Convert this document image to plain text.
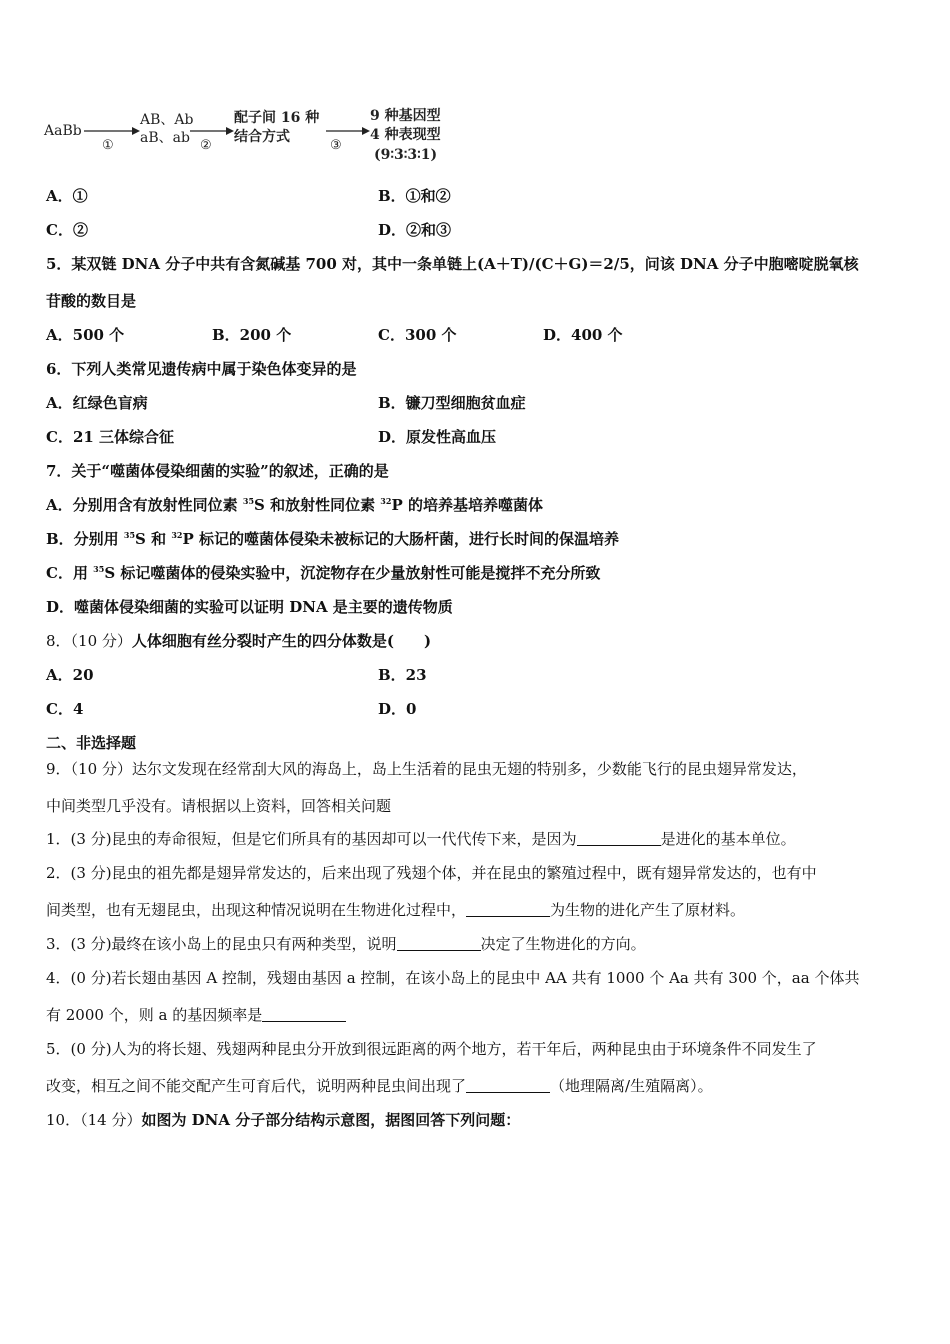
AaBb
①
AB、Ab
aB、ab ②
配子间 16 种
结合方式
③
9 种基因型
4 种表现型
(9∶3∶3∶1)
A．①	B．①和②
C．②	D．②和③
5．某双链 DNA 分子中共有含氮碱基 700 对，其中一条单链上(A＋T)/(C＋G)＝2/5，问该 DNA 分子中胞嘧啶脱氧核
苷酸的数目是
A．500 个	B．200 个	C．300 个	D．400 个
6．下列人类常见遗传病中属于染色体变异的是
A．红绿色盲病	B．镰刀型细胞贫血症
C．21 三体综合征	D．原发性高血压
7．关于“噬菌体侵染细菌的实验”的叙述，正确的是
A．分别用含有放射性同位素 $^{35}$S 和放射性同位素 $^{32}$P 的培养基培养噬菌体
B．分别用 $^{35}$S 和 $^{32}$P 标记的噬菌体侵染未被标记的大肠杆菌，进行长时间的保温培养
C．用 $^{35}$S 标记噬菌体的侵染实验中，沉淀物存在少量放射性可能是搅拌不充分所致
D．噬菌体侵染细菌的实验可以证明 DNA 是主要的遗传物质
8．（10 分）人体细胞有丝分裂时产生的四分体数是(　　)
A．20	B．23
C．4	D．0
二、非选择题
9．（10 分）达尔文发现在经常刮大风的海岛上，岛上生活着的昆虫无翅的特别多，少数能飞行的昆虫翅异常发达，
中间类型几乎没有。请根据以上资料，回答相关问题
1．(3 分)昆虫的寿命很短，但是它们所具有的基因却可以一代代传下来，是因为	是进化的基本单位。
2．(3 分)昆虫的祖先都是翅异常发达的，后来出现了残翅个体，并在昆虫的繁殖过程中，既有翅异常发达的，也有中
间类型，也有无翅昆虫，出现这种情况说明在生物进化过程中，	为生物的进化产生了原材料。
3．(3 分)最终在该小岛上的昆虫只有两种类型，说明	决定了生物进化的方向。
4．(0 分)若长翅由基因 A 控制，残翅由基因 a 控制，在该小岛上的昆虫中 AA 共有 1000 个 Aa 共有 300 个，aa 个体共
有 2000 个，则 a 的基因频率是
5．(0 分)人为的将长翅、残翅两种昆虫分开放到很远距离的两个地方，若干年后，两种昆虫由于环境条件不同发生了
改变，相互之间不能交配产生可育后代，说明两种昆虫间出现了	（地理隔离/生殖隔离）。
10．（14 分）如图为 DNA 分子部分结构示意图，据图回答下列问题：
